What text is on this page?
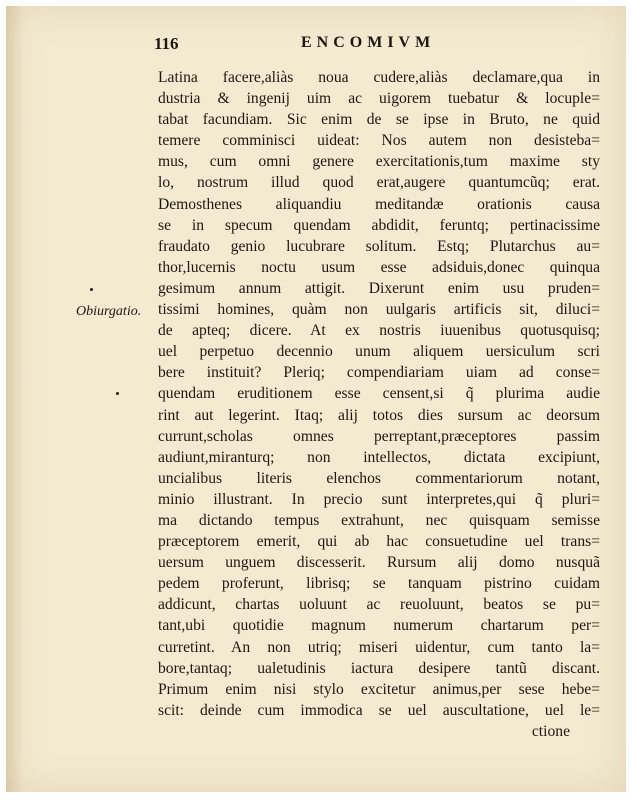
116	ENCOMIVM
Obiurgatio.
Latina facere,aliàs noua cudere,aliàs declamare,qua in
dustria & ingenij uim ac uigorem tuebatur & locuple=
tabat facundiam. Sic enim de se ipse in Bruto, ne quid
temere comminisci uideat: Nos autem non desisteba=
mus, cum omni genere exercitationis,tum maxime sty
lo, nostrum illud quod erat,augere quantumcũq; erat.
Demosthenes aliquandiu meditandæ orationis causa
se in specum quendam abdidit, feruntq; pertinacissime
fraudato genio lucubrare solitum. Estq; Plutarchus au=
thor,lucernis noctu usum esse adsiduis,donec quinqua
gesimum annum attigit. Dixerunt enim usu pruden=
tissimi homines, quàm non uulgaris artificis sit, diluci=
de apteq; dicere. At ex nostris iuuenibus quotusquisq;
uel perpetuo decennio unum aliquem uersiculum scri
bere instituit? Pleriq; compendiariam uiam ad conse=
quendam eruditionem esse censent,si q̃ plurima audie
rint aut legerint. Itaq; alij totos dies sursum ac deorsum
currunt,scholas omnes perreptant,præceptores passim
audiunt,miranturq; non intellectos, dictata excipiunt,
uncialibus literis elenchos commentariorum notant,
minio illustrant. In precio sunt interpretes,qui q̃ pluri=
ma dictando tempus extrahunt, nec quisquam semisse
præceptorem emerit, qui ab hac consuetudine uel trans=
uersum unguem discesserit. Rursum alij domo nusquã
pedem proferunt, librisq; se tanquam pistrino cuidam
addicunt, chartas uoluunt ac reuoluunt, beatos se pu=
tant,ubi quotidie magnum numerum chartarum per=
curretint. An non utriq; miseri uidentur, cum tanto la=
bore,tantaq; ualetudinis iactura desipere tantũ discant.
Primum enim nisi stylo excitetur animus,per sese hebe=
scit: deinde cum immodica se uel auscultatione, uel le=
ctione
